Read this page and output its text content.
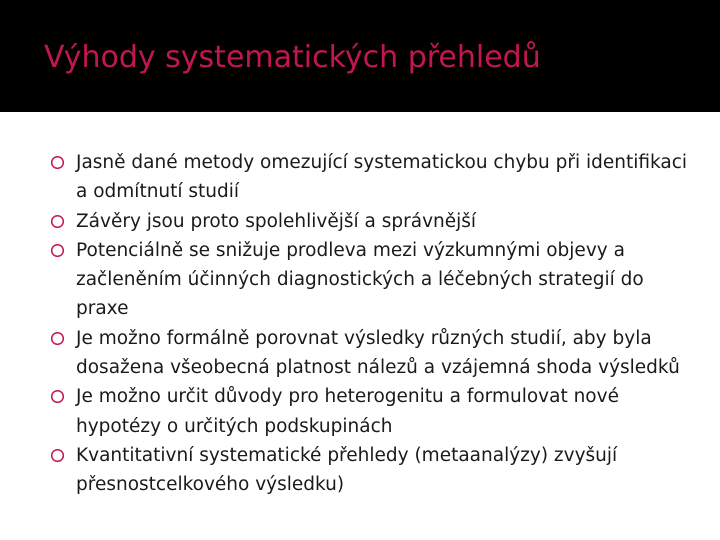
Výhody systematických přehledů
Jasně dané metody omezující systematickou chybu při identifikaci a odmítnutí studií
Závěry jsou proto spolehlivější a správnější
Potenciálně se snižuje prodleva mezi výzkumnými objevy a začleněním účinných diagnostických a léčebných strategií do praxe
Je možno formálně porovnat výsledky různých studií, aby byla dosažena všeobecná platnost nálezů a vzájemná shoda výsledků
Je možno určit důvody pro heterogenitu a formulovat nové hypotézy o určitých podskupinách
Kvantitativní systematické přehledy (metaanalýzy) zvyšují přesnostcelkového výsledku)
